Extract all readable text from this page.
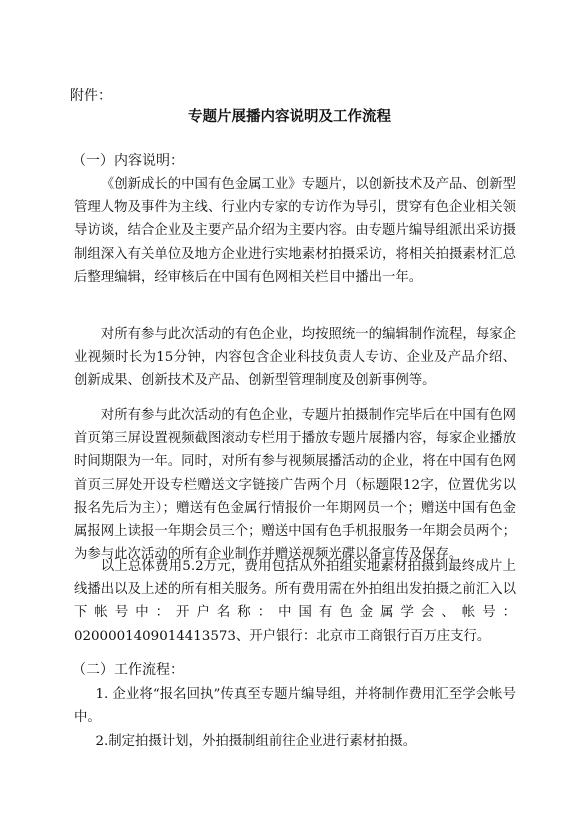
附件：
专题片展播内容说明及工作流程
（一）内容说明：

《创新成长的中国有色金属工业》专题片，以创新技术及产品、创新型管理人物及事件为主线、行业内专家的专访作为导引，贯穿有色企业相关领导访谈，结合企业及主要产品介绍为主要内容。由专题片编导组派出采访摄制组深入有关单位及地方企业进行实地素材拍摄采访，将相关拍摄素材汇总后整理编辑，经审核后在中国有色网相关栏目中播出一年。

对所有参与此次活动的有色企业，均按照统一的编辑制作流程，每家企业视频时长为15分钟，内容包含企业科技负责人专访、企业及产品介绍、创新成果、创新技术及产品、创新型管理制度及创新事例等。

对所有参与此次活动的有色企业，专题片拍摄制作完毕后在中国有色网首页第三屏设置视频截图滚动专栏用于播放专题片展播内容，每家企业播放时间期限为一年。同时，对所有参与视频展播活动的企业，将在中国有色网首页三屏处开设专栏赠送文字链接广告两个月（标题限12字，位置优劣以报名先后为主）；赠送有色金属行情报价一年期网员一个；赠送中国有色金属报网上读报一年期会员三个；赠送中国有色手机报服务一年期会员两个；为参与此次活动的所有企业制作并赠送视频光碟以备宣传及保存。

以上总体费用5.2万元，费用包括从外拍组实地素材拍摄到最终成片上线播出以及上述的所有相关服务。所有费用需在外拍组出发拍摄之前汇入以下帐号中：开户名称：中国有色金属学会、帐号：0200001409014413573、开户银行：北京市工商银行百万庄支行。

（二）工作流程：

1. 企业将“报名回执”传真至专题片编导组，并将制作费用汇至学会帐号中。

2.制定拍摄计划，外拍摄制组前往企业进行素材拍摄。
